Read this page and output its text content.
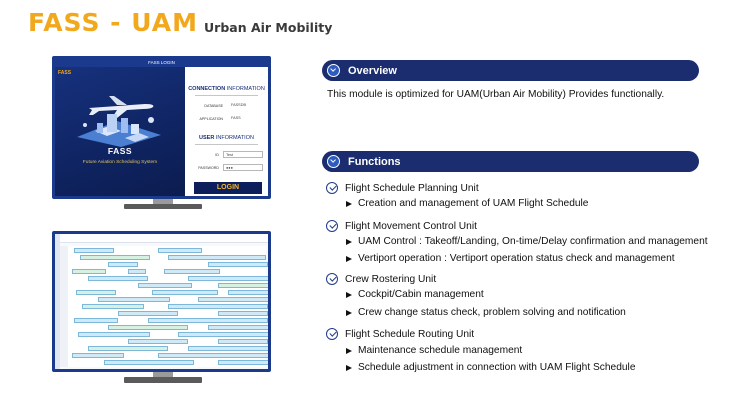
FASS - UAM Urban Air Mobility
FASS
FASS
Future Aviation Scheduling System
FASS LOGIN
CONNECTION INFORMATION
DATABASE	FASSDB
APPLICATION	FASS
USER INFORMATION
ID	Test
PASSWORD	●●●
LOGIN
Overview
This module is optimized for UAM(Urban Air Mobility) Provides functionally.
Functions
Flight Schedule Planning Unit
Creation and management of UAM Flight Schedule
Flight Movement Control Unit
UAM Control : Takeoff/Landing, On-time/Delay confirmation and management
Vertiport operation : Vertiport operation status check and management
Crew Rostering Unit
Cockpit/Cabin management
Crew change status check, problem solving and notification
Flight Schedule Routing Unit
Maintenance schedule management
Schedule adjustment in connection with UAM Flight Schedule
